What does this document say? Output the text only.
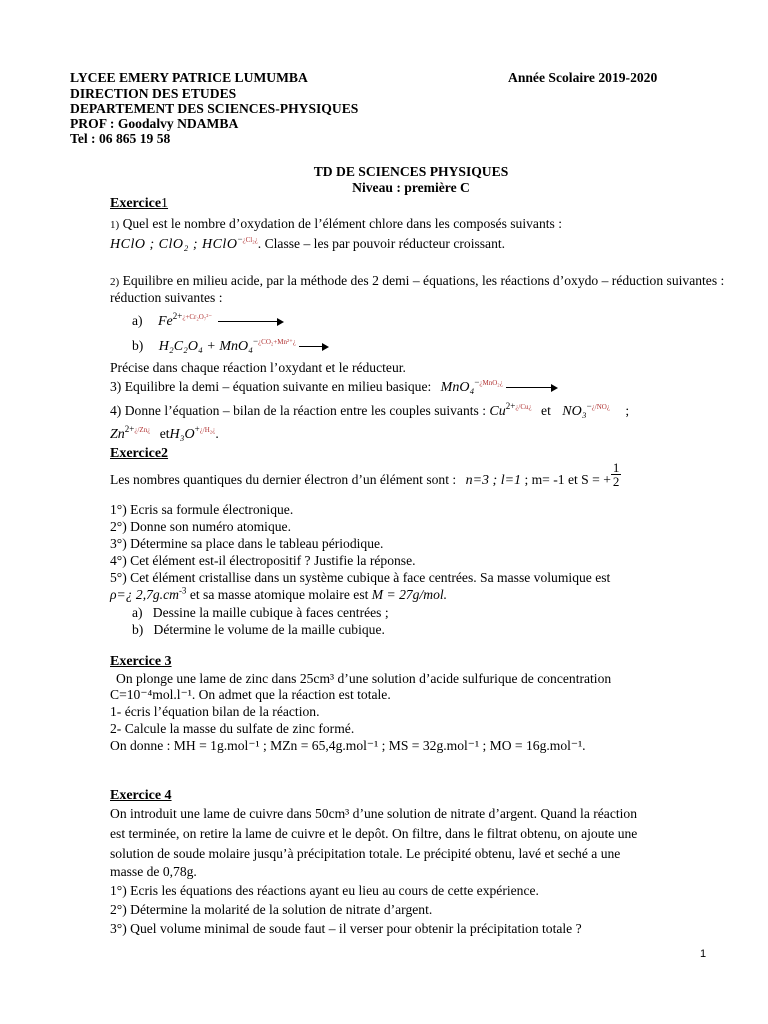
LYCEE EMERY PATRICE LUMUMBA
DIRECTION DES ETUDES
DEPARTEMENT DES SCIENCES-PHYSIQUES
PROF : Goodalvy NDAMBA
Tel : 06 865 19 58
Année Scolaire 2019-2020
TD DE SCIENCES PHYSIQUES
Niveau : première C
Exercice1
1) Quel est le nombre d’oxydation de l’élément chlore dans les composés suivants :
HClO ; ClO₂ ; HClO$^{-¿Cl_2¿}$. Classe – les par pouvoir réducteur croissant.
2) Equilibre en milieu acide, par la méthode des 2 demi – équations, les réactions d’oxydo – réduction suivantes :
réduction suivantes :
a) $Fe^{2+¿+Cr_2O_7^{2-}}$
b) H₂C₂O₄ + MnO₄$^{-¿CO_2+Mn^{2+}¿}$
Précise dans chaque réaction l’oxydant et le réducteur.
3) Equilibre la demi – équation suivante en milieu basique: MnO₄$^{-¿MnO_2¿}$
4) Donne l’équation – bilan de la réaction entre les couples suivants : $Cu^{2+¿/Cu¿}$ et NO₃$^{-¿/NO¿}$ ;
$Zn^{2+¿/Zn¿}$ $etH_3O^{+¿/H_2¿}$.
Exercice2
Les nombres quantiques du dernier électron d’un élément sont : n=3 ; l=1 ; m= -1 et S = + $\frac{1}{2}$
1°) Ecris sa formule électronique.
2°) Donne son numéro atomique.
3°) Détermine sa place dans le tableau périodique.
4°) Cet élément est-il électropositif ? Justifie la réponse.
5°) Cet élément cristallise dans un système cubique à face centrées. Sa masse volumique est
ρ=¿ $2,7g.cm^{-3}$ et sa masse atomique molaire est M = 27g/mol.
a)   Dessine la maille cubique à faces centrées ;
b)   Détermine le volume de la maille cubique.
Exercice 3
On plonge une lame de zinc dans 25cm³ d’une solution d’acide sulfurique de concentration
C=10⁻⁴mol.l⁻¹. On admet que la réaction est totale.
1- écris l’équation bilan de la réaction.
2- Calcule la masse du sulfate de zinc formé.
On donne : MH = 1g.mol⁻¹ ; MZn = 65,4g.mol⁻¹ ; MS = 32g.mol⁻¹ ; MO = 16g.mol⁻¹.
Exercice 4
On introduit une lame de cuivre dans 50cm³ d’une solution de nitrate d’argent. Quand la réaction
est terminée, on retire la lame de cuivre et le depôt. On filtre, dans le filtrat obtenu, on ajoute une
solution de soude molaire jusqu’à précipitation totale. Le précipité obtenu, lavé et seché a une
masse de 0,78g.
1°) Ecris les équations des réactions ayant eu lieu au cours de cette expérience.
2°) Détermine la molarité de la solution de nitrate d’argent.
3°) Quel volume minimal de soude faut – il verser pour obtenir la précipitation totale ?
1
